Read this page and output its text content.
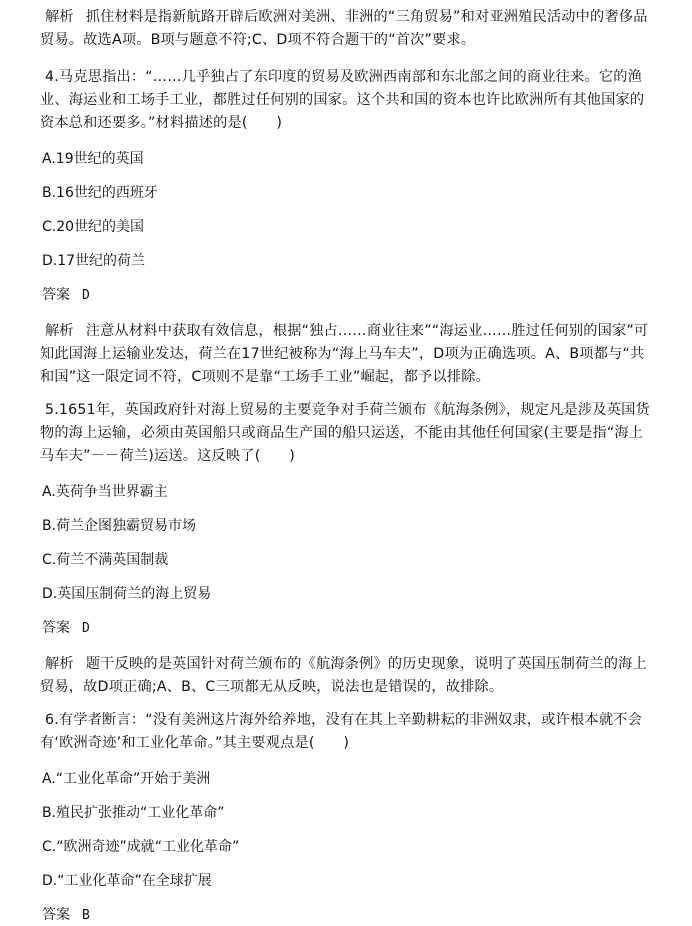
解析 抓住材料是指新航路开辟后欧洲对美洲、非洲的“三角贸易”和对亚洲殖民活动中的奢侈品贸易。故选A项。B项与题意不符;C、D项不符合题干的“首次”要求。

4.马克思指出：“……几乎独占了东印度的贸易及欧洲西南部和东北部之间的商业往来。它的渔业、海运业和工场手工业，都胜过任何别的国家。这个共和国的资本也许比欧洲所有其他国家的资本总和还要多。”材料描述的是(　　)

A.19世纪的英国

B.16世纪的西班牙

C.20世纪的美国

D.17世纪的荷兰

答案 D

解析 注意从材料中获取有效信息，根据“独占……商业往来”“海运业……胜过任何别的国家”可知此国海上运输业发达，荷兰在17世纪被称为“海上马车夫”，D项为正确选项。A、B项都与“共和国”这一限定词不符，C项则不是靠“工场手工业”崛起，都予以排除。

5.1651年，英国政府针对海上贸易的主要竞争对手荷兰颁布《航海条例》，规定凡是涉及英国货物的海上运输，必须由英国船只或商品生产国的船只运送，不能由其他任何国家(主要是指“海上马车夫”－－荷兰)运送。这反映了(　　)

A.英荷争当世界霸主

B.荷兰企图独霸贸易市场

C.荷兰不满英国制裁

D.英国压制荷兰的海上贸易

答案 D

解析 题干反映的是英国针对荷兰颁布的《航海条例》的历史现象，说明了英国压制荷兰的海上贸易，故D项正确;A、B、C三项都无从反映，说法也是错误的，故排除。

6.有学者断言：“没有美洲这片海外给养地，没有在其上辛勤耕耘的非洲奴隶，或许根本就不会有‘欧洲奇迹’和工业化革命。”其主要观点是(　　)

A.“工业化革命”开始于美洲

B.殖民扩张推动“工业化革命”

C.“欧洲奇迹”成就“工业化革命”

D.“工业化革命”在全球扩展

答案 B
